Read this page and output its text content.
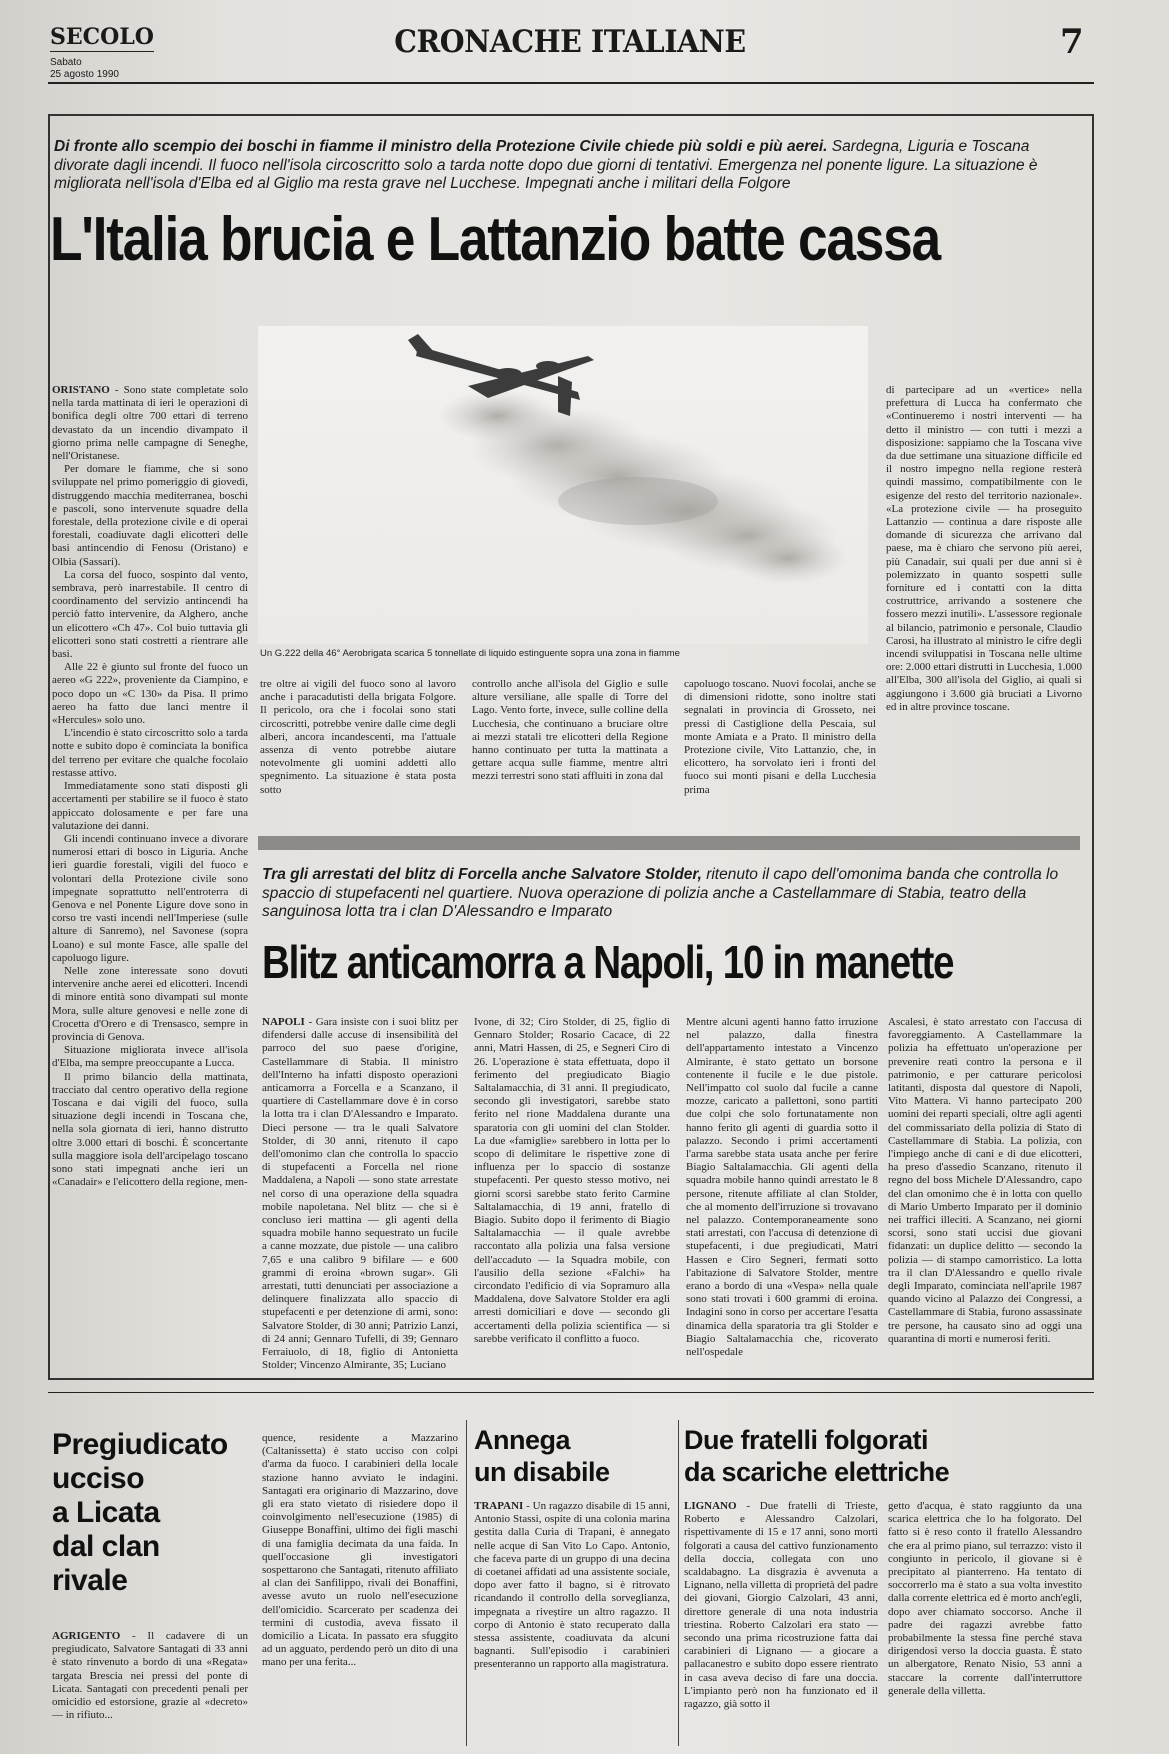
SECOLO
Sabato
25 agosto 1990
CRONACHE ITALIANE	7
Di fronte allo scempio dei boschi in fiamme il ministro della Protezione Civile chiede più soldi e più aerei. Sardegna, Liguria e Toscana divorate dagli incendi. Il fuoco nell'isola circoscritto solo a tarda notte dopo due giorni di tentativi. Emergenza nel ponente ligure. La situazione è migliorata nell'isola d'Elba ed al Giglio ma resta grave nel Lucchese. Impegnati anche i militari della Folgore
L'Italia brucia e Lattanzio batte cassa
Un G.222 della 46° Aerobrigata scarica 5 tonnellate di liquido estinguente sopra una zona in fiamme

ORISTANO - Sono state completate solo nella tarda mattinata di ieri le operazioni di bonifica degli oltre 700 ettari di terreno devastato da un incendio divampato il giorno prima nelle campagne di Seneghe, nell'Oristanese.

Per domare le fiamme, che si sono sviluppate nel primo pomeriggio di giovedì, distruggendo macchia mediterranea, boschi e pascoli, sono intervenute squadre della forestale, della protezione civile e di operai forestali, coadiuvate dagli elicotteri delle basi antincendio di Fenosu (Oristano) e Olbia (Sassari).

La corsa del fuoco, sospinto dal vento, sembrava, però inarrestabile. Il centro di coordinamento del servizio antincendi ha perciò fatto intervenire, da Alghero, anche un elicottero «Ch 47». Col buio tuttavia gli elicotteri sono stati costretti a rientrare alle basi.

Alle 22 è giunto sul fronte del fuoco un aereo «G 222», proveniente da Ciampino, e poco dopo un «C 130» da Pisa. Il primo aereo ha fatto due lanci mentre il «Hercules» solo uno.

L'incendio è stato circoscritto solo a tarda notte e subito dopo è cominciata la bonifica del terreno per evitare che qualche focolaio restasse attivo.

Immediatamente sono stati disposti gli accertamenti per stabilire se il fuoco è stato appiccato dolosamente e per fare una valutazione dei danni.

Gli incendi continuano invece a divorare numerosi ettari di bosco in Liguria. Anche ieri guardie forestali, vigili del fuoco e volontari della Protezione civile sono impegnate soprattutto nell'entroterra di Genova e nel Ponente Ligure dove sono in corso tre vasti incendi nell'Imperiese (sulle alture di Sanremo), nel Savonese (sopra Loano) e sul monte Fasce, alle spalle del capoluogo ligure.

Nelle zone interessate sono dovuti intervenire anche aerei ed elicotteri. Incendi di minore entità sono divampati sul monte Mora, sulle alture genovesi e nelle zone di Crocetta d'Orero e di Trensasco, sempre in provincia di Genova.

Situazione migliorata invece all'isola d'Elba, ma sempre preoccupante a Lucca.

Il primo bilancio della mattinata, tracciato dal centro operativo della regione Toscana e dai vigili del fuoco, sulla situazione degli incendi in Toscana che, nella sola giornata di ieri, hanno distrutto oltre 3.000 ettari di boschi. È sconcertante sulla maggiore isola dell'arcipelago toscano sono stati impegnati anche ieri un «Canadair» e l'elicottero della regione, men-

tre oltre ai vigili del fuoco sono al lavoro anche i paracadutisti della brigata Folgore. Il pericolo, ora che i focolai sono stati circoscritti, potrebbe venire dalle cime degli alberi, ancora incandescenti, ma l'attuale assenza di vento potrebbe aiutare notevolmente gli uomini addetti allo spegnimento. La situazione è stata posta sotto

controllo anche all'isola del Giglio e sulle alture versiliane, alle spalle di Torre del Lago. Vento forte, invece, sulle colline della Lucchesia, che continuano a bruciare oltre ai mezzi statali tre elicotteri della Regione hanno continuato per tutta la mattinata a gettare acqua sulle fiamme, mentre altri mezzi terrestri sono stati affluiti in zona dal

capoluogo toscano. Nuovi focolai, anche se di dimensioni ridotte, sono inoltre stati segnalati in provincia di Grosseto, nei pressi di Castiglione della Pescaia, sul monte Amiata e a Prato. Il ministro della Protezione civile, Vito Lattanzio, che, in elicottero, ha sorvolato ieri i fronti del fuoco sui monti pisani e della Lucchesia prima

di partecipare ad un «vertice» nella prefettura di Lucca ha confermato che «Continueremo i nostri interventi — ha detto il ministro — con tutti i mezzi a disposizione: sappiamo che la Toscana vive da due settimane una situazione difficile ed il nostro impegno nella regione resterà quindi massimo, compatibilmente con le esigenze del resto del territorio nazionale». «La protezione civile — ha proseguito Lattanzio — continua a dare risposte alle domande di sicurezza che arrivano dal paese, ma è chiaro che servono più aerei, più Canadair, sui quali per due anni si è polemizzato in quanto sospetti sulle forniture ed i contatti con la ditta costruttrice, arrivando a sostenere che fossero mezzi inutili». L'assessore regionale al bilancio, patrimonio e personale, Claudio Carosi, ha illustrato al ministro le cifre degli incendi sviluppatisi in Toscana nelle ultime ore: 2.000 ettari distrutti in Lucchesia, 1.000 all'Elba, 300 all'isola del Giglio, ai quali si aggiungono i 3.600 già bruciati a Livorno ed in altre province toscane.

Tra gli arrestati del blitz di Forcella anche Salvatore Stolder, ritenuto il capo dell'omonima banda che controlla lo spaccio di stupefacenti nel quartiere. Nuova operazione di polizia anche a Castellammare di Stabia, teatro della sanguinosa lotta tra i clan D'Alessandro e Imparato
Blitz anticamorra a Napoli, 10 in manette

NAPOLI - Gara insiste con i suoi blitz per difendersi dalle accuse di insensibilità del parroco del suo paese d'origine, Castellammare di Stabia. Il ministro dell'Interno ha infatti disposto operazioni anticamorra a Forcella e a Scanzano, il quartiere di Castellammare dove è in corso la lotta tra i clan D'Alessandro e Imparato. Dieci persone — tra le quali Salvatore Stolder, di 30 anni, ritenuto il capo dell'omonimo clan che controlla lo spaccio di stupefacenti a Forcella nel rione Maddalena, a Napoli — sono state arrestate nel corso di una operazione della squadra mobile napoletana. Nel blitz — che si è concluso ieri mattina — gli agenti della squadra mobile hanno sequestrato un fucile a canne mozzate, due pistole — una calibro 7,65 e una calibro 9 bifilare — e 600 grammi di eroina «brown sugar». Gli arrestati, tutti denunciati per associazione a delinquere finalizzata allo spaccio di stupefacenti e per detenzione di armi, sono: Salvatore Stolder, di 30 anni; Patrizio Lanzi, di 24 anni; Gennaro Tufelli, di 39; Gennaro Ferraiuolo, di 18, figlio di Antonietta Stolder; Vincenzo Almirante, 35; Luciano

Ivone, di 32; Ciro Stolder, di 25, figlio di Gennaro Stolder; Rosario Cacace, di 22 anni, Matri Hassen, di 25, e Segneri Ciro di 26. L'operazione è stata effettuata, dopo il ferimento del pregiudicato Biagio Saltalamacchia, di 31 anni. Il pregiudicato, secondo gli investigatori, sarebbe stato ferito nel rione Maddalena durante una sparatoria con gli uomini del clan Stolder. La due «famiglie» sarebbero in lotta per lo scopo di delimitare le rispettive zone di influenza per lo spaccio di sostanze stupefacenti. Per questo stesso motivo, nei giorni scorsi sarebbe stato ferito Carmine Saltalamacchia, di 19 anni, fratello di Biagio. Subito dopo il ferimento di Biagio Saltalamacchia — il quale avrebbe raccontato alla polizia una falsa versione dell'accaduto — la Squadra mobile, con l'ausilio della sezione «Falchi» ha circondato l'edificio di via Sopramuro alla Maddalena, dove Salvatore Stolder era agli arresti domiciliari e dove — secondo gli accertamenti della polizia scientifica — si sarebbe verificato il conflitto a fuoco.

Mentre alcuni agenti hanno fatto irruzione nel palazzo, dalla finestra dell'appartamento intestato a Vincenzo Almirante, è stato gettato un borsone contenente il fucile e le due pistole. Nell'impatto col suolo dal fucile a canne mozze, caricato a pallettoni, sono partiti due colpi che solo fortunatamente non hanno ferito gli agenti di guardia sotto il palazzo. Secondo i primi accertamenti l'arma sarebbe stata usata anche per ferire Biagio Saltalamacchia. Gli agenti della squadra mobile hanno quindi arrestato le 8 persone, ritenute affiliate al clan Stolder, che al momento dell'irruzione si trovavano nel palazzo. Contemporaneamente sono stati arrestati, con l'accusa di detenzione di stupefacenti, i due pregiudicati, Matri Hassen e Ciro Segneri, fermati sotto l'abitazione di Salvatore Stolder, mentre erano a bordo di una «Vespa» nella quale sono stati trovati i 600 grammi di eroina. Indagini sono in corso per accertare l'esatta dinamica della sparatoria tra gli Stolder e Biagio Saltalamacchia che, ricoverato nell'ospedale

Ascalesi, è stato arrestato con l'accusa di favoreggiamento. A Castellammare la polizia ha effettuato un'operazione per prevenire reati contro la persona e il patrimonio, e per catturare pericolosi latitanti, disposta dal questore di Napoli, Vito Mattera. Vi hanno partecipato 200 uomini dei reparti speciali, oltre agli agenti del commissariato della polizia di Stato di Castellammare di Stabia. La polizia, con l'impiego anche di cani e di due elicotteri, ha preso d'assedio Scanzano, ritenuto il regno del boss Michele D'Alessandro, capo del clan omonimo che è in lotta con quello di Mario Umberto Imparato per il dominio nei traffici illeciti. A Scanzano, nei giorni scorsi, sono stati uccisi due giovani fidanzati: un duplice delitto — secondo la polizia — di stampo camorristico. La lotta tra il clan D'Alessandro e quello rivale degli Imparato, cominciata nell'aprile 1987 quando vicino al Palazzo dei Congressi, a Castellammare di Stabia, furono assassinate tre persone, ha causato sino ad oggi una quarantina di morti e numerosi feriti.

Pregiudicato
ucciso
a Licata
dal clan
rivale

AGRIGENTO - Il cadavere di un pregiudicato, Salvatore Santagati di 33 anni è stato rinvenuto a bordo di una «Regata» targata Brescia nei pressi del ponte di Licata. Santagati con precedenti penali per omicidio ed estorsione, grazie al «decreto» — in rifiuto...

quence, residente a Mazzarino (Caltanissetta) è stato ucciso con colpi d'arma da fuoco. I carabinieri della locale stazione hanno avviato le indagini. Santagati era originario di Mazzarino, dove gli era stato vietato di risiedere dopo il coinvolgimento nell'esecuzione (1985) di Giuseppe Bonaffini, ultimo dei figli maschi di una famiglia decimata da una faida. In quell'occasione gli investigatori sospettarono che Santagati, ritenuto affiliato al clan dei Sanfilippo, rivali dei Bonaffini, avesse avuto un ruolo nell'esecuzione dell'omicidio. Scarcerato per scadenza dei termini di custodia, aveva fissato il domicilio a Licata. In passato era sfuggito ad un agguato, perdendo però un dito di una mano per una ferita...

Annega
un disabile

TRAPANI - Un ragazzo disabile di 15 anni, Antonio Stassi, ospite di una colonia marina gestita dalla Curia di Trapani, è annegato nelle acque di San Vito Lo Capo. Antonio, che faceva parte di un gruppo di una decina di coetanei affidati ad una assistente sociale, dopo aver fatto il bagno, si è ritrovato ricandando il controllo della sorveglianza, impegnata a riveștire un altro ragazzo. Il corpo di Antonio è stato recuperato dalla stessa assistente, coadiuvata da alcuni bagnanti. Sull'episodio i carabinieri presenteranno un rapporto alla magistratura.

Due fratelli folgorati
da scariche elettriche

LIGNANO - Due fratelli di Trieste, Roberto e Alessandro Calzolari, rispettivamente di 15 e 17 anni, sono morti folgorati a causa del cattivo funzionamento della doccia, collegata con uno scaldabagno. La disgrazia è avvenuta a Lignano, nella villetta di proprietà del padre dei giovani, Giorgio Calzolari, 43 anni, direttore generale di una nota industria triestina. Roberto Calzolari era stato — secondo una prima ricostruzione fatta dai carabinieri di Lignano — a giocare a pallacanestro e subito dopo essere rientrato in casa aveva deciso di fare una doccia. L'impianto però non ha funzionato ed il ragazzo, già sotto il

getto d'acqua, è stato raggiunto da una scarica elettrica che lo ha folgorato. Del fatto si è reso conto il fratello Alessandro che era al primo piano, sul terrazzo: visto il congiunto in pericolo, il giovane si è precipitato al pianterreno. Ha tentato di soccorrerlo ma è stato a sua volta investito dalla corrente elettrica ed è morto anch'egli, dopo aver chiamato soccorso. Anche il padre dei ragazzi avrebbe fatto probabilmente la stessa fine perché stava dirigendosi verso la doccia guasta. È stato un albergatore, Renato Nisio, 53 anni a staccare la corrente dall'interruttore generale della villetta.
